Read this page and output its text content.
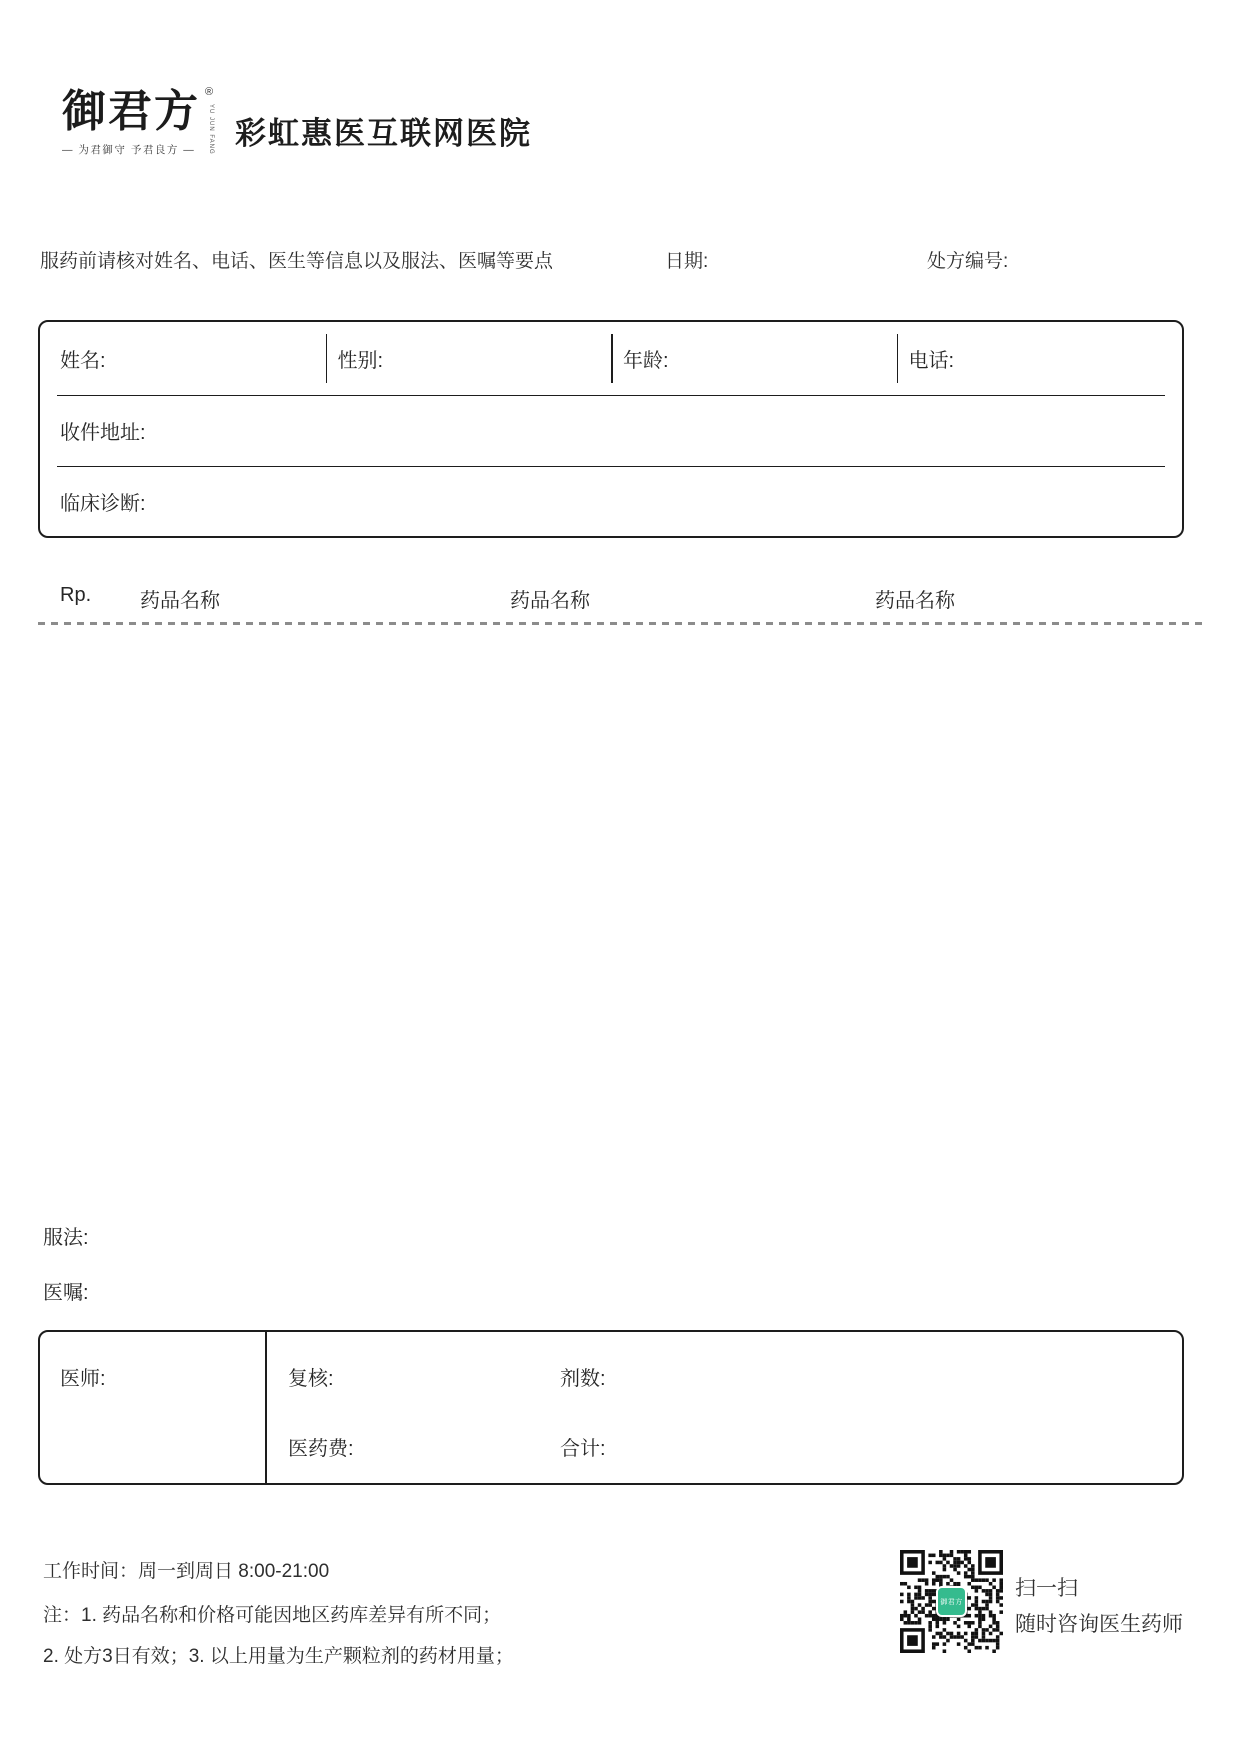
御君方 ®
YU JUN FANG
— 为君御守 予君良方 —	彩虹惠医互联网医院
服药前请核对姓名、电话、医生等信息以及服法、医嘱等要点	日期:	处方编号:
姓名:	性别:	年龄:	电话:
收件地址:
临床诊断:
Rp. 药品名称	药品名称	药品名称
服法:
医嘱:
医师:	复核:	剂数:
医药费:	合计:
工作时间：周一到周日 8:00-21:00
注：1. 药品名称和价格可能因地区药库差异有所不同；
2. 处方3日有效；3. 以上用量为生产颗粒剂的药材用量；
御君方
扫一扫
随时咨询医生药师
